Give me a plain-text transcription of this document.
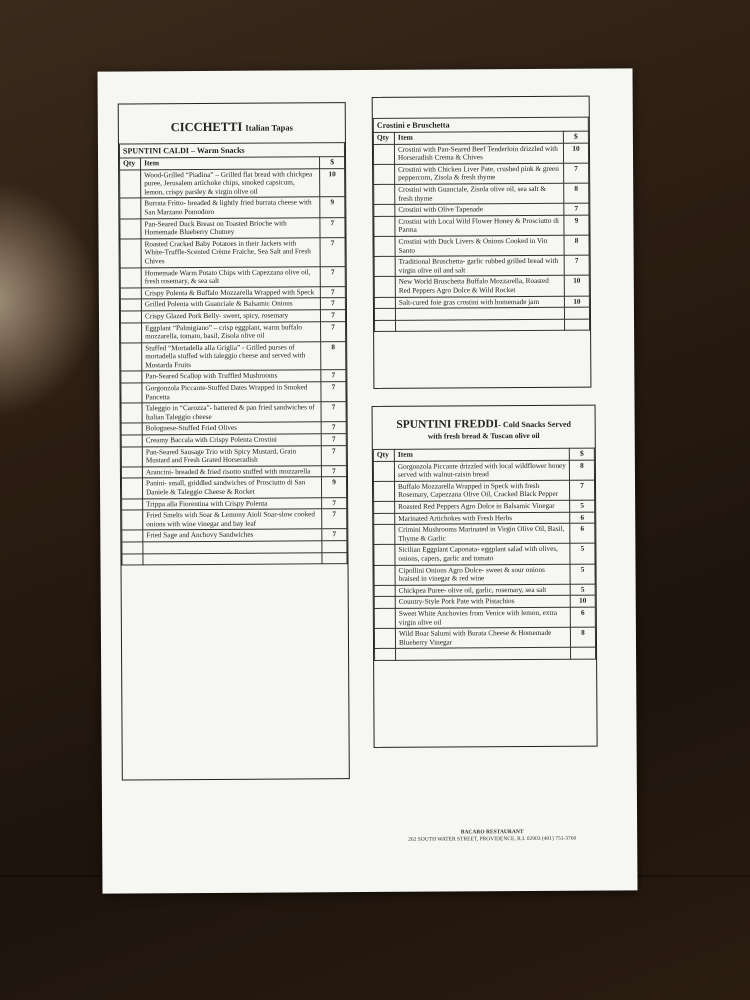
CICCHETTI Italian Tapas
SPUNTINI CALDI – Warm Snacks
Qty	Item	$
	Wood-Grilled “Piadina” – Grilled flat bread with chickpea puree, Jerusalem artichoke chips, smoked capsicum, lemon, crispy parsley & virgin olive oil	10
	Burrata Fritto- breaded & lightly fried burrata cheese with San Marzano Pomodoro	9
	Pan-Seared Duck Breast on Toasted Brioche with Homemade Blueberry Chutney	7
	Roasted Cracked Baby Potatoes in their Jackets with White-Truffle-Scented Crème Fraiche, Sea Salt and Fresh Chives	7
	Homemade Warm Potato Chips with Capezzana olive oil, fresh rosemary, & sea salt	7
	Crispy Polenta & Buffalo Mozzarella Wrapped with Speck	7
	Grilled Polenta with Guanciale & Balsamic Onions	7
	Crispy Glazed Pork Belly- sweet, spicy, rosemary	7
	Eggplant “Palmigiano” – crisp eggplant, warm buffalo mozzarella, tomato, basil, Zisola olive oil	7
	Stuffed “Mortadella alla Griglia” - Grilled purses of mortadella stuffed with taleggio cheese and served with Mostarda Fruits	8
	Pan-Seared Scallop with Truffled Mushrooms	7
	Gorgonzola Piccante-Stuffed Dates Wrapped in Smoked Pancetta	7
	Taleggio in “Carozza”- battered & pan fried sandwiches of Italian Taleggio cheese	7
	Bolognese-Stuffed Fried Olives	7
	Creamy Baccala with Crispy Polenta Crostini	7
	Pan-Seared Sausage Trio with Spicy Mustard, Grain Mustard and Fresh Grated Horseradish	7
	Arancini- breaded & fried risotto stuffed with mozzarella	7
	Panini- small, griddled sandwiches of Prosciutto di San Daniele & Taleggio Cheese & Rocket	9
	Trippa alla Fiorentina with Crispy Polenta	7
	Fried Smelts with Soar & Lemony Aioli Soar-slow cooked onions with wine vinegar and bay leaf	7
	Fried Sage and Anchovy Sandwiches	7

Crostini e Bruschetta
Qty	Item	$
	Crostini with Pan-Seared Beef Tenderloin drizzled with Horseradish Crema & Chives	10
	Crostini with Chicken Liver Pate, crushed pink & green peppercorn, Zisola & fresh thyme	7
	Crostini with Guanciale, Zisola olive oil, sea salt & fresh thyme	8
	Crostini with Olive Tapenade	7
	Crostini with Local Wild Flower Honey & Prosciutto di Parma	9
	Crostini with Duck Livers & Onions Cooked in Vin Santo	8
	Traditional Bruschetta- garlic rubbed grilled bread with virgin olive oil and salt	7
	New World Bruschetta Buffalo Mozzarella, Roasted Red Peppers Agro Dolce & Wild Rocket	10
	Salt-cured foie gras crostini with homemade jam	10

SPUNTINI FREDDI- Cold Snacks Served
with fresh bread & Tuscan olive oil
Qty	Item	$
	Gorgonzola Piccante drizzled with local wildflower honey served with walnut-raisin bread	8
	Buffalo Mozzarella Wrapped in Speck with fresh Rosemary, Capezzana Olive Oil, Cracked Black Pepper	7
	Roasted Red Peppers Agro Dolce in Balsamic Vinegar	5
	Marinated Artichokes with Fresh Herbs	6
	Crimini Mushrooms Marinated in Virgin Olive Oil, Basil, Thyme & Garlic	6
	Sicilian Eggplant Caponata- eggplant salad with olives, onions, capers, garlic and tomato	5
	Cipollini Onions Agro Dolce- sweet & sour onions braised in vinegar & red wine	5
	Chickpea Puree- olive oil, garlic, rosemary, sea salt	5
	Country-Style Pork Pate with Pistachios	10
	Sweet White Anchovies from Venice with lemon, extra virgin olive oil	6
	Wild Boar Salumi with Burata Cheese & Homemade Blueberry Vinegar	8

BACARO RESTAURANT
262 SOUTH WATER STREET, PROVIDENCE, R.I. 02903 (401) 751-3700
